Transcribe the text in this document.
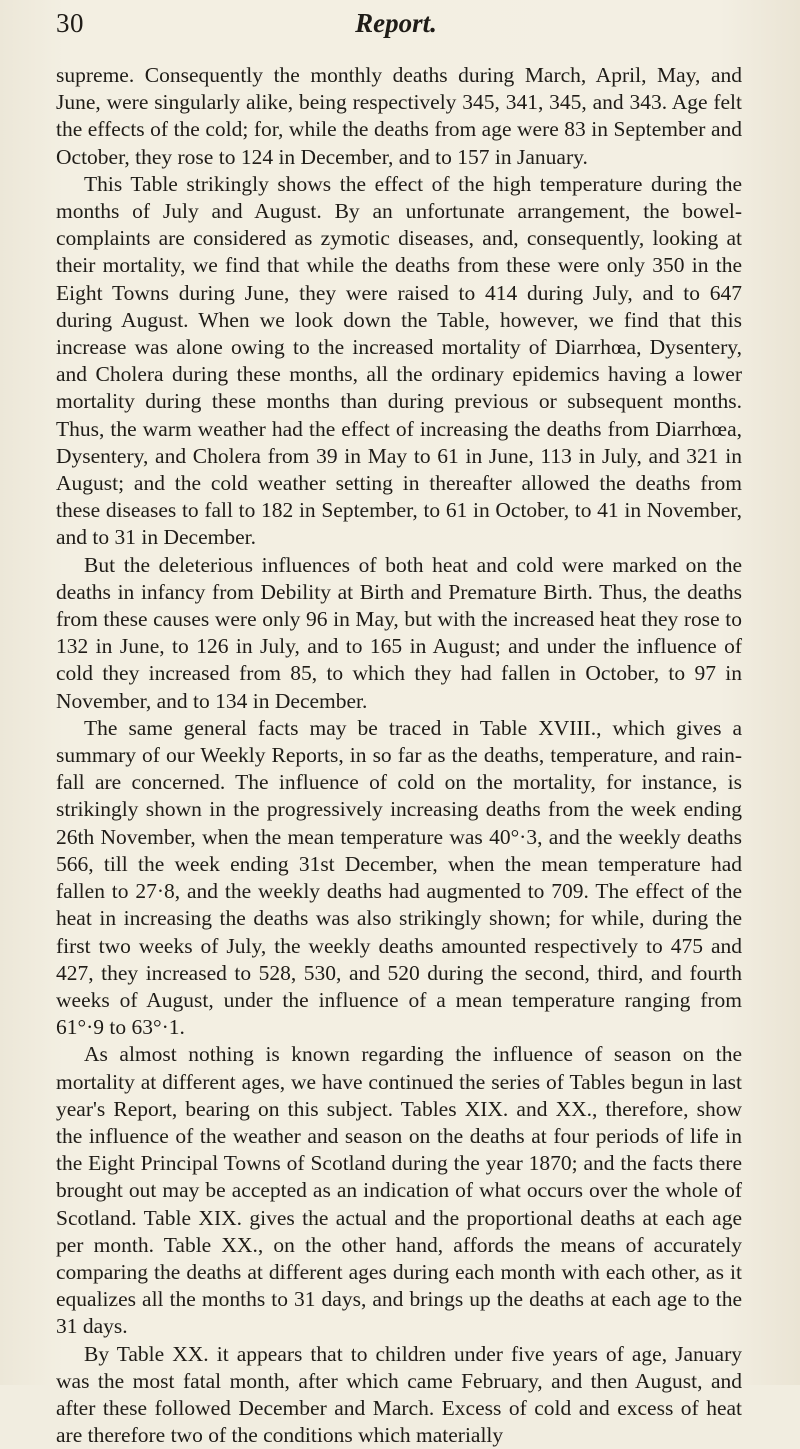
30	Report.

supreme. Consequently the monthly deaths during March, April, May, and June, were singularly alike, being respectively 345, 341, 345, and 343. Age felt the effects of the cold; for, while the deaths from age were 83 in September and October, they rose to 124 in December, and to 157 in January.

This Table strikingly shows the effect of the high temperature during the months of July and August. By an unfortunate arrangement, the bowel-complaints are considered as zymotic diseases, and, consequently, looking at their mortality, we find that while the deaths from these were only 350 in the Eight Towns during June, they were raised to 414 during July, and to 647 during August. When we look down the Table, however, we find that this increase was alone owing to the increased mortality of Diarrhœa, Dysentery, and Cholera during these months, all the ordinary epidemics having a lower mortality during these months than during previous or subsequent months. Thus, the warm weather had the effect of increasing the deaths from Diarrhœa, Dysentery, and Cholera from 39 in May to 61 in June, 113 in July, and 321 in August; and the cold weather setting in thereafter allowed the deaths from these diseases to fall to 182 in September, to 61 in October, to 41 in November, and to 31 in December.

But the deleterious influences of both heat and cold were marked on the deaths in infancy from Debility at Birth and Premature Birth. Thus, the deaths from these causes were only 96 in May, but with the increased heat they rose to 132 in June, to 126 in July, and to 165 in August; and under the influence of cold they increased from 85, to which they had fallen in October, to 97 in November, and to 134 in December.

The same general facts may be traced in Table XVIII., which gives a summary of our Weekly Reports, in so far as the deaths, temperature, and rain-fall are concerned. The influence of cold on the mortality, for instance, is strikingly shown in the progressively increasing deaths from the week ending 26th November, when the mean temperature was 40°·3, and the weekly deaths 566, till the week ending 31st December, when the mean temperature had fallen to 27·8, and the weekly deaths had augmented to 709. The effect of the heat in increasing the deaths was also strikingly shown; for while, during the first two weeks of July, the weekly deaths amounted respectively to 475 and 427, they increased to 528, 530, and 520 during the second, third, and fourth weeks of August, under the influence of a mean temperature ranging from 61°·9 to 63°·1.

As almost nothing is known regarding the influence of season on the mortality at different ages, we have continued the series of Tables begun in last year's Report, bearing on this subject. Tables XIX. and XX., therefore, show the influence of the weather and season on the deaths at four periods of life in the Eight Principal Towns of Scotland during the year 1870; and the facts there brought out may be accepted as an indication of what occurs over the whole of Scotland. Table XIX. gives the actual and the proportional deaths at each age per month. Table XX., on the other hand, affords the means of accurately comparing the deaths at different ages during each month with each other, as it equalizes all the months to 31 days, and brings up the deaths at each age to the 31 days.

By Table XX. it appears that to children under five years of age, January was the most fatal month, after which came February, and then August, and after these followed December and March. Excess of cold and excess of heat are therefore two of the conditions which materially
